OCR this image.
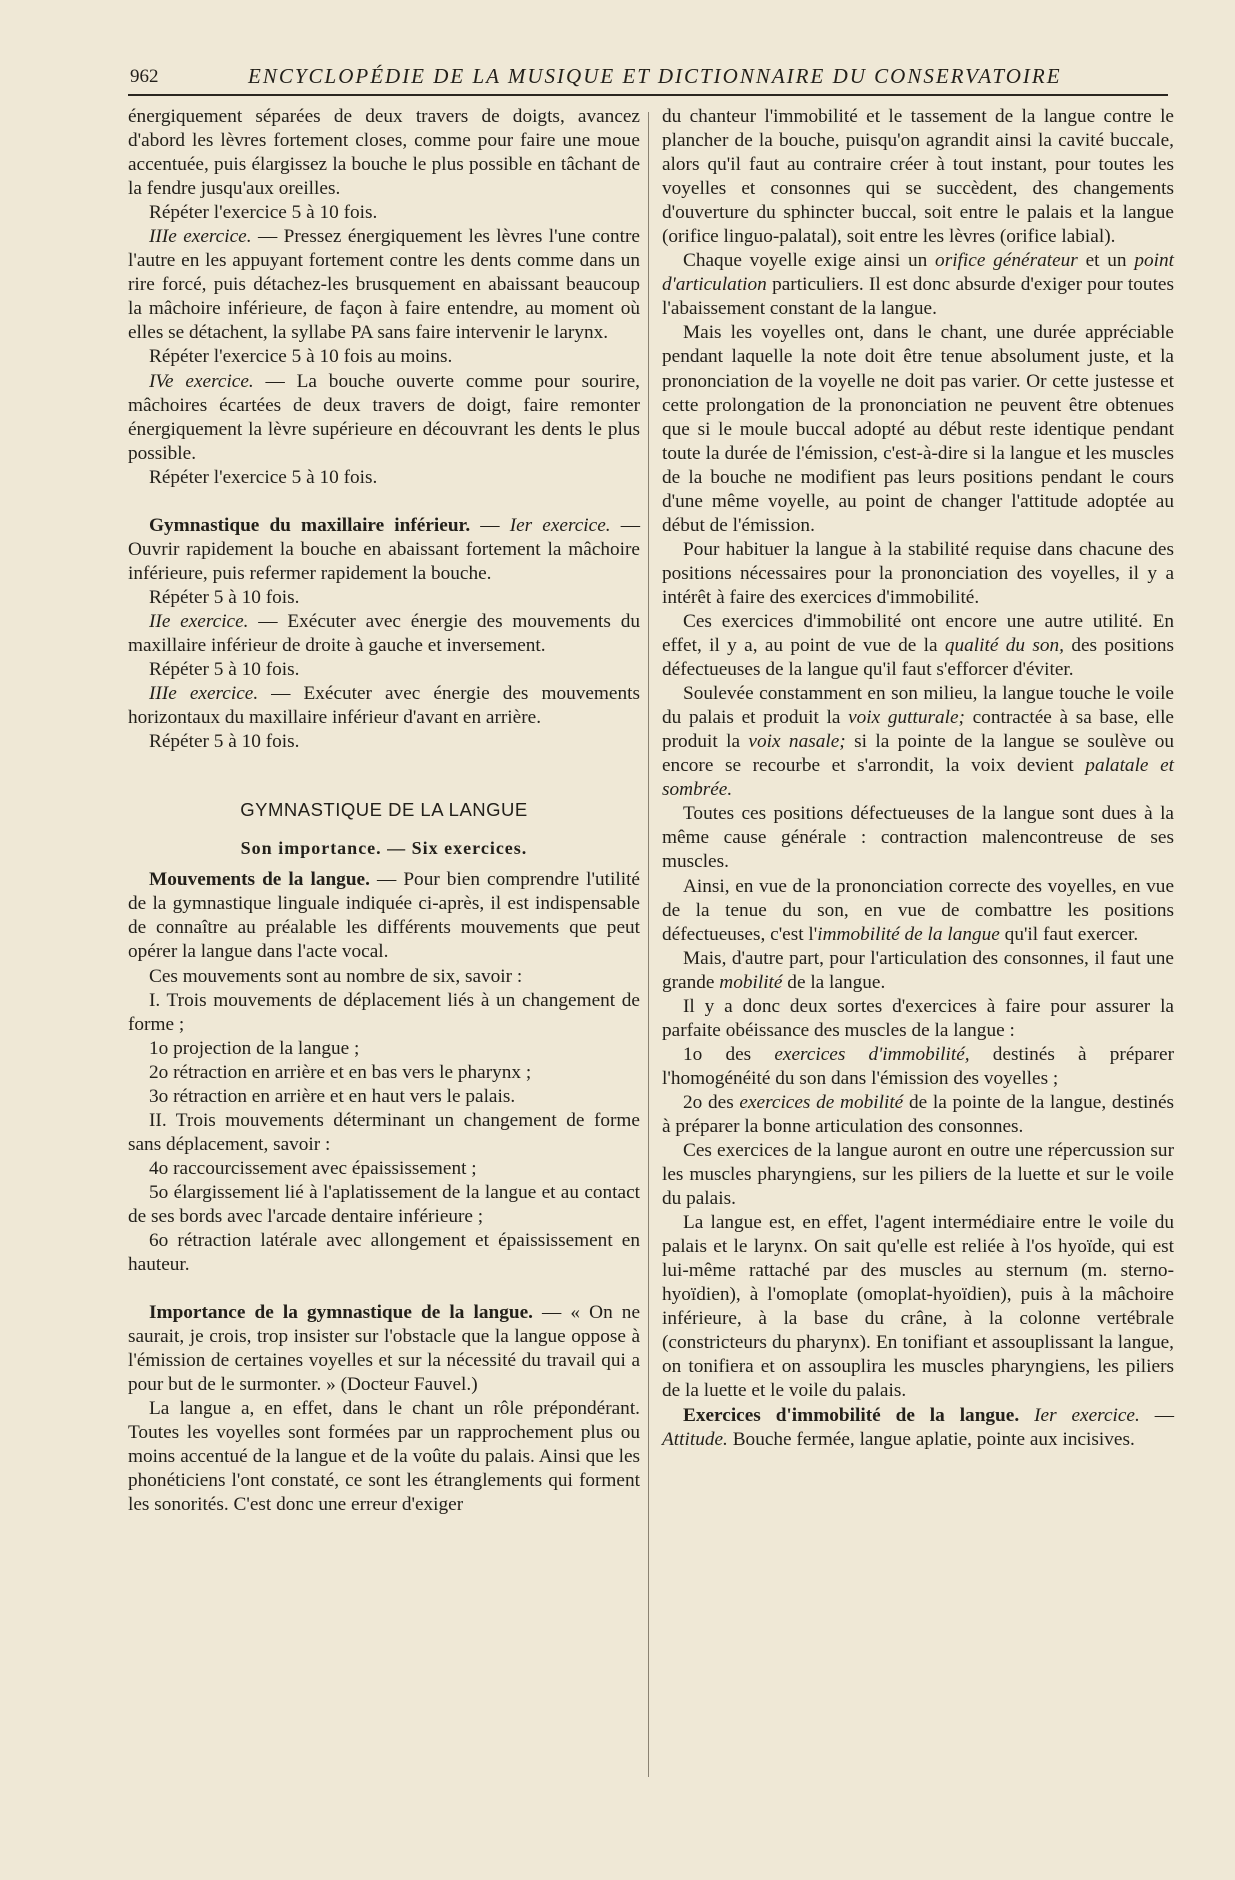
962	ENCYCLOPÉDIE DE LA MUSIQUE ET DICTIONNAIRE DU CONSERVATOIRE

énergiquement séparées de deux travers de doigts, avancez d'abord les lèvres fortement closes, comme pour faire une moue accentuée, puis élargissez la bouche le plus possible en tâchant de la fendre jusqu'aux oreilles.

Répéter l'exercice 5 à 10 fois.

IIIe exercice. — Pressez énergiquement les lèvres l'une contre l'autre en les appuyant fortement contre les dents comme dans un rire forcé, puis détachez-les brusquement en abaissant beaucoup la mâchoire inférieure, de façon à faire entendre, au moment où elles se détachent, la syllabe PA sans faire intervenir le larynx.

Répéter l'exercice 5 à 10 fois au moins.

IVe exercice. — La bouche ouverte comme pour sourire, mâchoires écartées de deux travers de doigt, faire remonter énergiquement la lèvre supérieure en découvrant les dents le plus possible.

Répéter l'exercice 5 à 10 fois.

Gymnastique du maxillaire inférieur. — Ier exercice. — Ouvrir rapidement la bouche en abaissant fortement la mâchoire inférieure, puis refermer rapidement la bouche.

Répéter 5 à 10 fois.

IIe exercice. — Exécuter avec énergie des mouvements du maxillaire inférieur de droite à gauche et inversement.

Répéter 5 à 10 fois.

IIIe exercice. — Exécuter avec énergie des mouvements horizontaux du maxillaire inférieur d'avant en arrière.

Répéter 5 à 10 fois.

GYMNASTIQUE DE LA LANGUE

Son importance. — Six exercices.

Mouvements de la langue. — Pour bien comprendre l'utilité de la gymnastique linguale indiquée ci-après, il est indispensable de connaître au préalable les différents mouvements que peut opérer la langue dans l'acte vocal.

Ces mouvements sont au nombre de six, savoir :

I. Trois mouvements de déplacement liés à un changement de forme ;

1o projection de la langue ;

2o rétraction en arrière et en bas vers le pharynx ;

3o rétraction en arrière et en haut vers le palais.

II. Trois mouvements déterminant un changement de forme sans déplacement, savoir :

4o raccourcissement avec épaississement ;

5o élargissement lié à l'aplatissement de la langue et au contact de ses bords avec l'arcade dentaire inférieure ;

6o rétraction latérale avec allongement et épaississement en hauteur.

Importance de la gymnastique de la langue. — « On ne saurait, je crois, trop insister sur l'obstacle que la langue oppose à l'émission de certaines voyelles et sur la nécessité du travail qui a pour but de le surmonter. » (Docteur Fauvel.)

La langue a, en effet, dans le chant un rôle prépondérant. Toutes les voyelles sont formées par un rapprochement plus ou moins accentué de la langue et de la voûte du palais. Ainsi que les phonéticiens l'ont constaté, ce sont les étranglements qui forment les sonorités. C'est donc une erreur d'exiger

du chanteur l'immobilité et le tassement de la langue contre le plancher de la bouche, puisqu'on agrandit ainsi la cavité buccale, alors qu'il faut au contraire créer à tout instant, pour toutes les voyelles et consonnes qui se succèdent, des changements d'ouverture du sphincter buccal, soit entre le palais et la langue (orifice linguo-palatal), soit entre les lèvres (orifice labial).

Chaque voyelle exige ainsi un orifice générateur et un point d'articulation particuliers. Il est donc absurde d'exiger pour toutes l'abaissement constant de la langue.

Mais les voyelles ont, dans le chant, une durée appréciable pendant laquelle la note doit être tenue absolument juste, et la prononciation de la voyelle ne doit pas varier. Or cette justesse et cette prolongation de la prononciation ne peuvent être obtenues que si le moule buccal adopté au début reste identique pendant toute la durée de l'émission, c'est-à-dire si la langue et les muscles de la bouche ne modifient pas leurs positions pendant le cours d'une même voyelle, au point de changer l'attitude adoptée au début de l'émission.

Pour habituer la langue à la stabilité requise dans chacune des positions nécessaires pour la prononciation des voyelles, il y a intérêt à faire des exercices d'immobilité.

Ces exercices d'immobilité ont encore une autre utilité. En effet, il y a, au point de vue de la qualité du son, des positions défectueuses de la langue qu'il faut s'efforcer d'éviter.

Soulevée constamment en son milieu, la langue touche le voile du palais et produit la voix gutturale; contractée à sa base, elle produit la voix nasale; si la pointe de la langue se soulève ou encore se recourbe et s'arrondit, la voix devient palatale et sombrée.

Toutes ces positions défectueuses de la langue sont dues à la même cause générale : contraction malencontreuse de ses muscles.

Ainsi, en vue de la prononciation correcte des voyelles, en vue de la tenue du son, en vue de combattre les positions défectueuses, c'est l'immobilité de la langue qu'il faut exercer.

Mais, d'autre part, pour l'articulation des consonnes, il faut une grande mobilité de la langue.

Il y a donc deux sortes d'exercices à faire pour assurer la parfaite obéissance des muscles de la langue :

1o des exercices d'immobilité, destinés à préparer l'homogénéité du son dans l'émission des voyelles ;

2o des exercices de mobilité de la pointe de la langue, destinés à préparer la bonne articulation des consonnes.

Ces exercices de la langue auront en outre une répercussion sur les muscles pharyngiens, sur les piliers de la luette et sur le voile du palais.

La langue est, en effet, l'agent intermédiaire entre le voile du palais et le larynx. On sait qu'elle est reliée à l'os hyoïde, qui est lui-même rattaché par des muscles au sternum (m. sterno-hyoïdien), à l'omoplate (omoplat-hyoïdien), puis à la mâchoire inférieure, à la base du crâne, à la colonne vertébrale (constricteurs du pharynx). En tonifiant et assouplissant la langue, on tonifiera et on assouplira les muscles pharyngiens, les piliers de la luette et le voile du palais.

Exercices d'immobilité de la langue. Ier exercice. — Attitude. Bouche fermée, langue aplatie, pointe aux incisives.
